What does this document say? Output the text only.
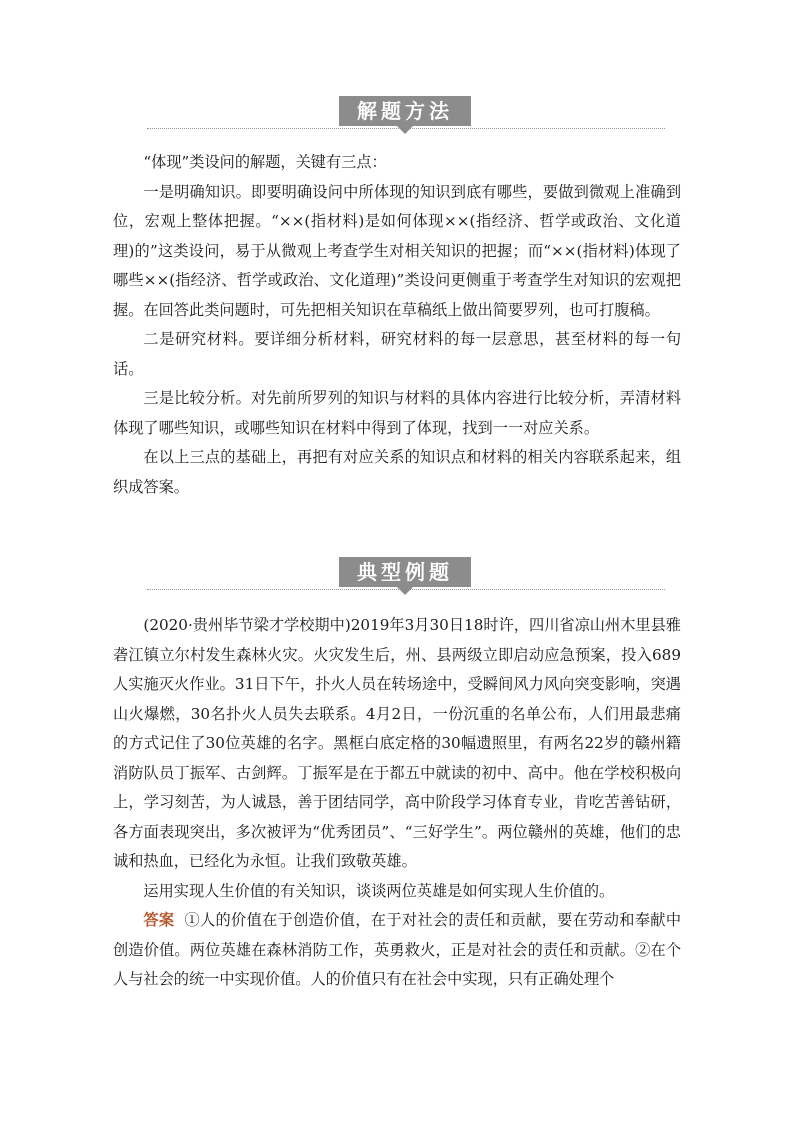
解题方法

“体现”类设问的解题，关键有三点：

一是明确知识。即要明确设问中所体现的知识到底有哪些，要做到微观上准确到位，宏观上整体把握。“××(指材料)是如何体现××(指经济、哲学或政治、文化道理)的”这类设问，易于从微观上考查学生对相关知识的把握；而“××(指材料)体现了哪些××(指经济、哲学或政治、文化道理)”类设问更侧重于考查学生对知识的宏观把握。在回答此类问题时，可先把相关知识在草稿纸上做出简要罗列，也可打腹稿。

二是研究材料。要详细分析材料，研究材料的每一层意思，甚至材料的每一句话。

三是比较分析。对先前所罗列的知识与材料的具体内容进行比较分析，弄清材料体现了哪些知识，或哪些知识在材料中得到了体现，找到一一对应关系。

在以上三点的基础上，再把有对应关系的知识点和材料的相关内容联系起来，组织成答案。

典型例题

(2020·贵州毕节梁才学校期中)2019年3月30日18时许，四川省凉山州木里县雅砻江镇立尔村发生森林火灾。火灾发生后，州、县两级立即启动应急预案，投入689人实施灭火作业。31日下午，扑火人员在转场途中，受瞬间风力风向突变影响，突遇山火爆燃，30名扑火人员失去联系。4月2日，一份沉重的名单公布，人们用最悲痛的方式记住了30位英雄的名字。黑框白底定格的30幅遗照里，有两名22岁的赣州籍消防队员丁振军、古剑辉。丁振军是在于都五中就读的初中、高中。他在学校积极向上，学习刻苦，为人诚恳，善于团结同学，高中阶段学习体育专业，肯吃苦善钻研，各方面表现突出，多次被评为“优秀团员”、“三好学生”。两位赣州的英雄，他们的忠诚和热血，已经化为永恒。让我们致敬英雄。

运用实现人生价值的有关知识，谈谈两位英雄是如何实现人生价值的。

答案 ①人的价值在于创造价值，在于对社会的责任和贡献，要在劳动和奉献中创造价值。两位英雄在森林消防工作，英勇救火，正是对社会的责任和贡献。②在个人与社会的统一中实现价值。人的价值只有在社会中实现，只有正确处理个
